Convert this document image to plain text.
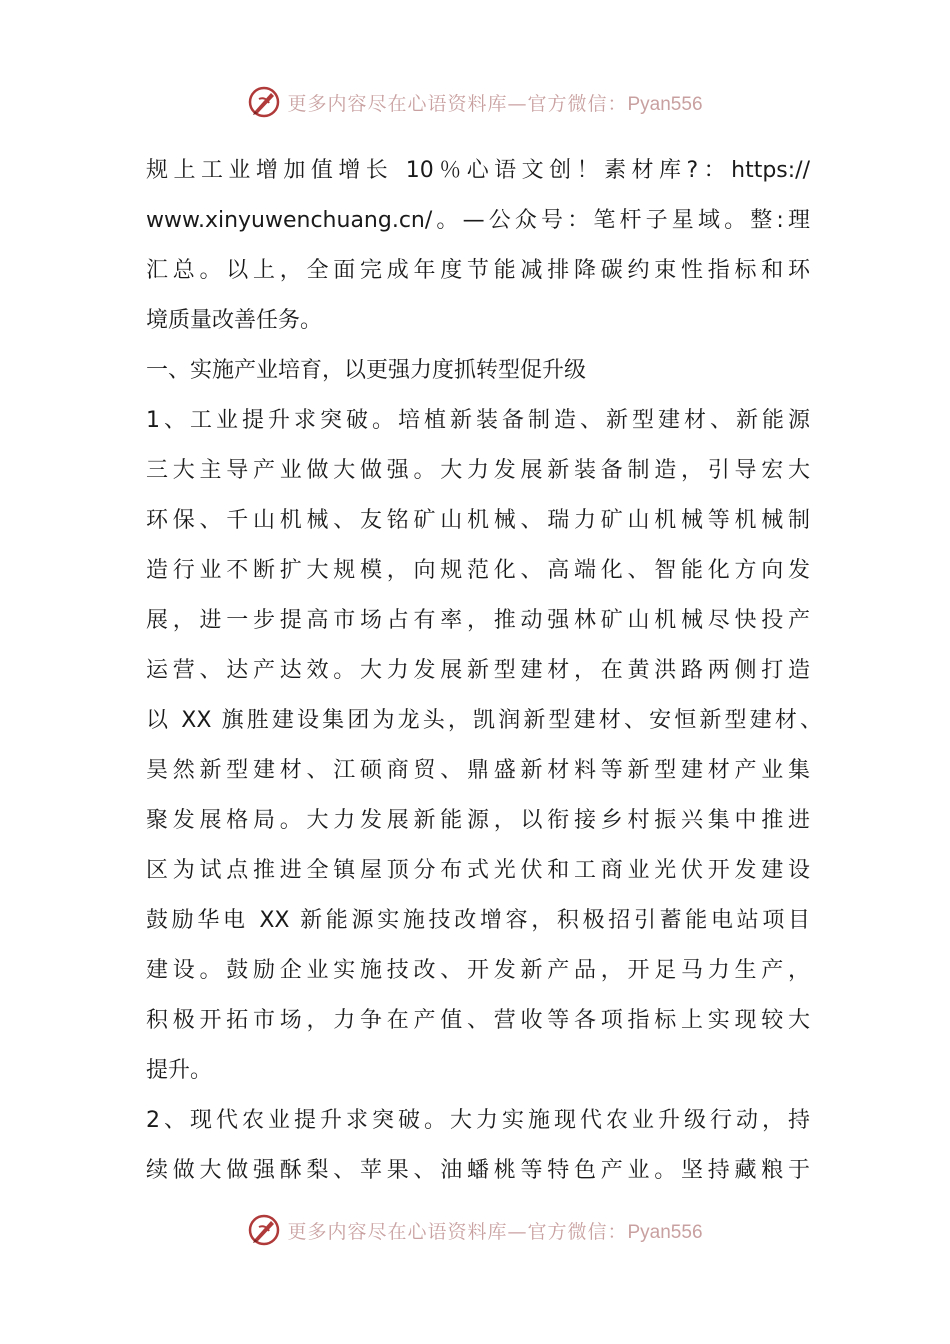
更多内容尽在心语资料库—官方微信：Pyan556
规上工业增加值增长 10％心语文创！素材库?：https://
www.xinyuwenchuang.cn/。—公众号：笔杆子星域。整:理
汇总。以上，全面完成年度节能减排降碳约束性指标和环
境质量改善任务。
一、实施产业培育，以更强力度抓转型促升级
1、工业提升求突破。培植新装备制造、新型建材、新能源
三大主导产业做大做强。大力发展新装备制造，引导宏大
环保、千山机械、友铭矿山机械、瑞力矿山机械等机械制
造行业不断扩大规模，向规范化、高端化、智能化方向发
展，进一步提高市场占有率，推动强林矿山机械尽快投产
运营、达产达效。大力发展新型建材，在黄洪路两侧打造
以 XX 旗胜建设集团为龙头，凯润新型建材、安恒新型建材、
昊然新型建材、江硕商贸、鼎盛新材料等新型建材产业集
聚发展格局。大力发展新能源，以衔接乡村振兴集中推进
区为试点推进全镇屋顶分布式光伏和工商业光伏开发建设
鼓励华电 XX 新能源实施技改增容，积极招引蓄能电站项目
建设。鼓励企业实施技改、开发新产品，开足马力生产，
积极开拓市场，力争在产值、营收等各项指标上实现较大
提升。
2、现代农业提升求突破。大力实施现代农业升级行动，持
续做大做强酥梨、苹果、油蟠桃等特色产业。坚持藏粮于
更多内容尽在心语资料库—官方微信：Pyan556
